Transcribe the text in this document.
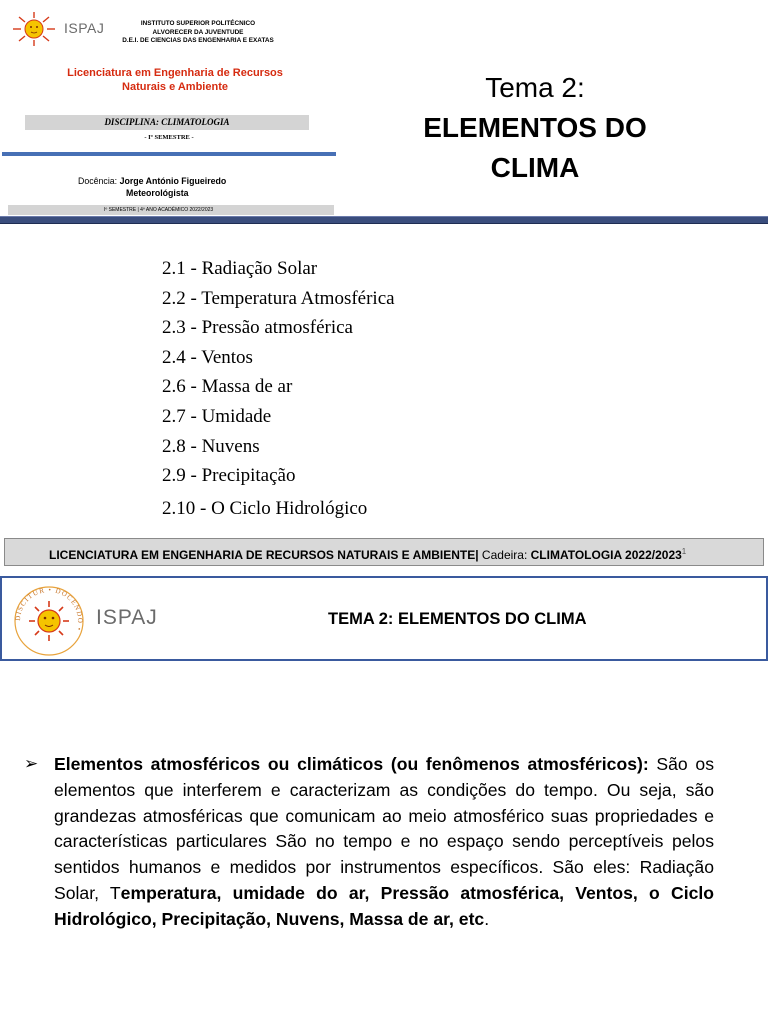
ISPAJ	INSTITUTO SUPERIOR POLITÉCNICO
ALVORECER DA JUVENTUDE
D.E.I. DE CIENCIAS DAS ENGENHARIA E EXATAS
Licenciatura em Engenharia de Recursos
Naturais e Ambiente
DISCIPLINA: CLIMATOLOGIA
- Iº SEMESTRE -
Docência: Jorge António Figueiredo
Meteorológista
Iº SEMESTRE | 4º ANO ACADÉMICO 2022/2023
Tema 2:
ELEMENTOS DO
CLIMA
2.1 - Radiação Solar
2.2 - Temperatura Atmosférica
2.3 - Pressão atmosférica
2.4 - Ventos
2.6 - Massa de ar
2.7 - Umidade
2.8 - Nuvens
2.9 - Precipitação
2.10 - O Ciclo Hidrológico
LICENCIATURA EM ENGENHARIA DE RECURSOS NATURAIS E AMBIENTE| Cadeira: CLIMATOLOGIA 2022/2023$^1$
DISCITUR • DOCENDO •
ISPAJ	TEMA 2: ELEMENTOS DO CLIMA
➢ Elementos atmosféricos ou climáticos (ou fenômenos atmosféricos): São os elementos que interferem e caracterizam as condições do tempo. Ou seja, são grandezas atmosféricas que comunicam ao meio atmosférico suas propriedades e características particulares São no tempo e no espaço sendo perceptíveis pelos sentidos humanos e medidos por instrumentos específicos. São eles: Radiação Solar, Temperatura, umidade do ar, Pressão atmosférica, Ventos, o Ciclo Hidrológico, Precipitação, Nuvens, Massa de ar, etc.
